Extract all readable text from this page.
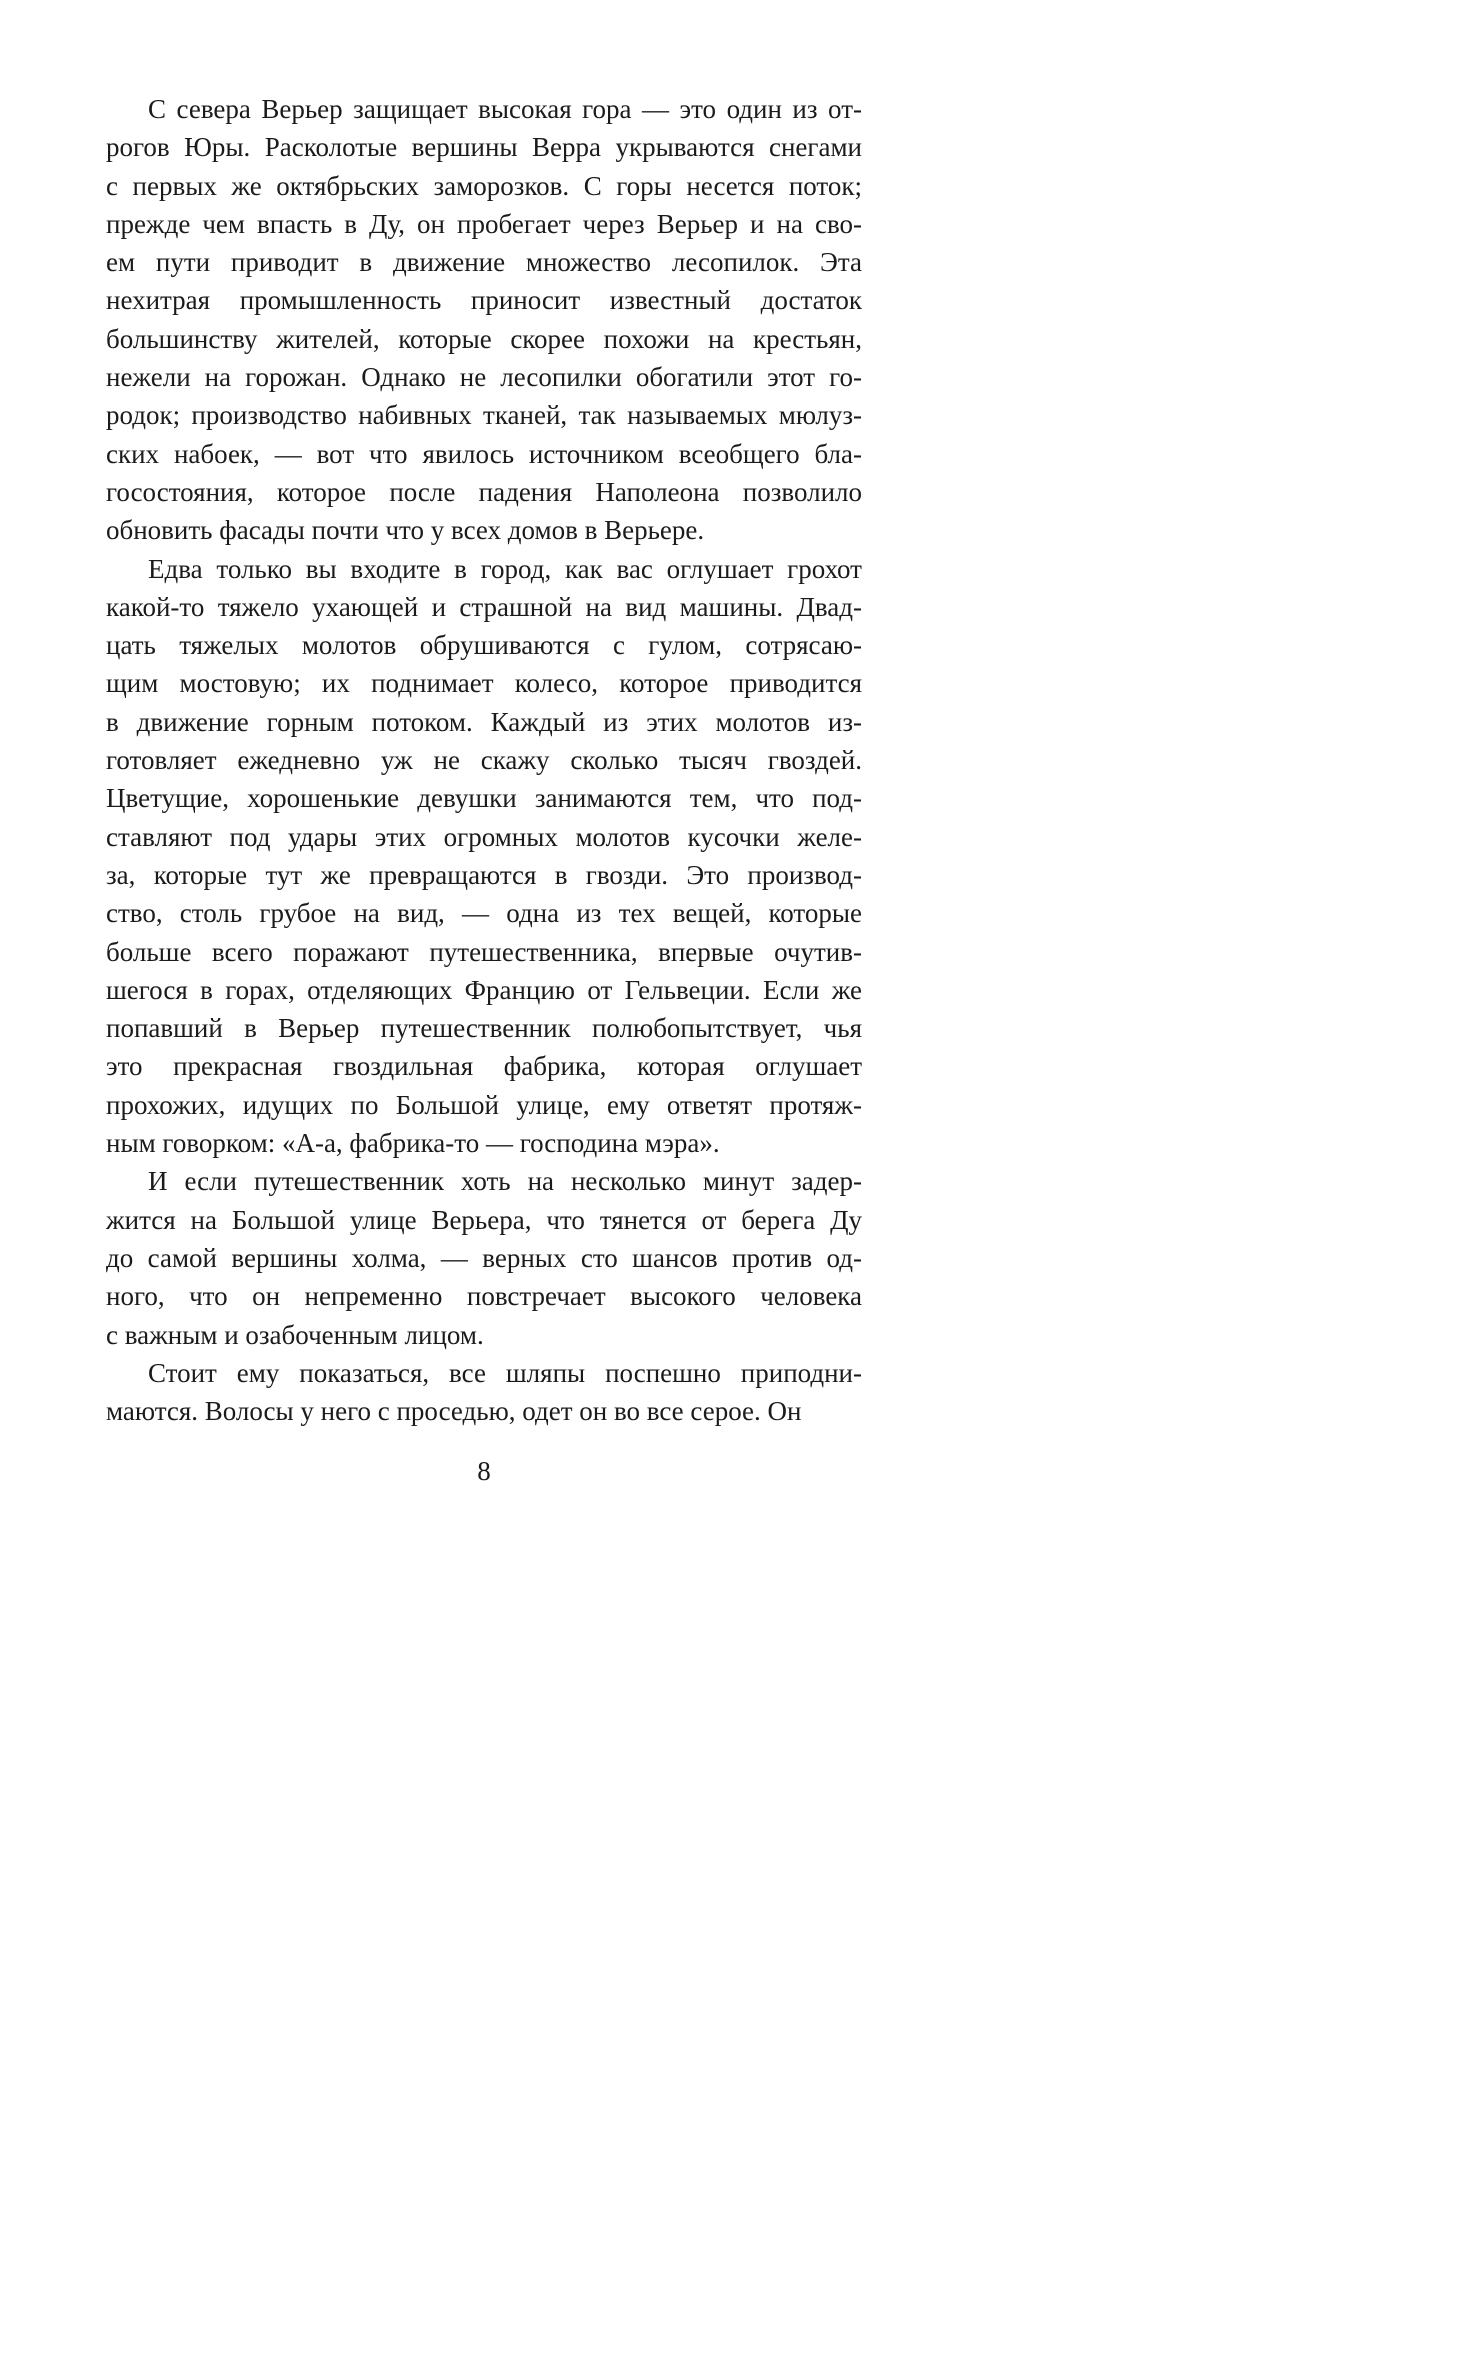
С севера Верьер защищает высокая гора — это один из от-
рогов Юры. Расколотые вершины Верра укрываются снегами
с первых же октябрьских заморозков. С горы несется поток;
прежде чем впасть в Ду, он пробегает через Верьер и на сво-
ем пути приводит в движение множество лесопилок. Эта
нехитрая промышленность приносит известный достаток
большинству жителей, которые скорее похожи на крестьян,
нежели на горожан. Однако не лесопилки обогатили этот го-
родок; производство набивных тканей, так называемых мюлуз-
ских набоек, — вот что явилось источником всеобщего бла-
госостояния, которое после падения Наполеона позволило
обновить фасады почти что у всех домов в Верьере.
Едва только вы входите в город, как вас оглушает грохот
какой-то тяжело ухающей и страшной на вид машины. Двад-
цать тяжелых молотов обрушиваются с гулом, сотрясаю-
щим мостовую; их поднимает колесо, которое приводится
в движение горным потоком. Каждый из этих молотов из-
готовляет ежедневно уж не скажу сколько тысяч гвоздей.
Цветущие, хорошенькие девушки занимаются тем, что под-
ставляют под удары этих огромных молотов кусочки желе-
за, которые тут же превращаются в гвозди. Это производ-
ство, столь грубое на вид, — одна из тех вещей, которые
больше всего поражают путешественника, впервые очутив-
шегося в горах, отделяющих Францию от Гельвеции. Если же
попавший в Верьер путешественник полюбопытствует, чья
это прекрасная гвоздильная фабрика, которая оглушает
прохожих, идущих по Большой улице, ему ответят протяж-
ным говорком: «А-а, фабрика-то — господина мэра».
И если путешественник хоть на несколько минут задер-
жится на Большой улице Верьера, что тянется от берега Ду
до самой вершины холма, — верных сто шансов против од-
ного, что он непременно повстречает высокого человека
с важным и озабоченным лицом.
Стоит ему показаться, все шляпы поспешно приподни-
маются. Волосы у него с проседью, одет он во все серое. Он
8
